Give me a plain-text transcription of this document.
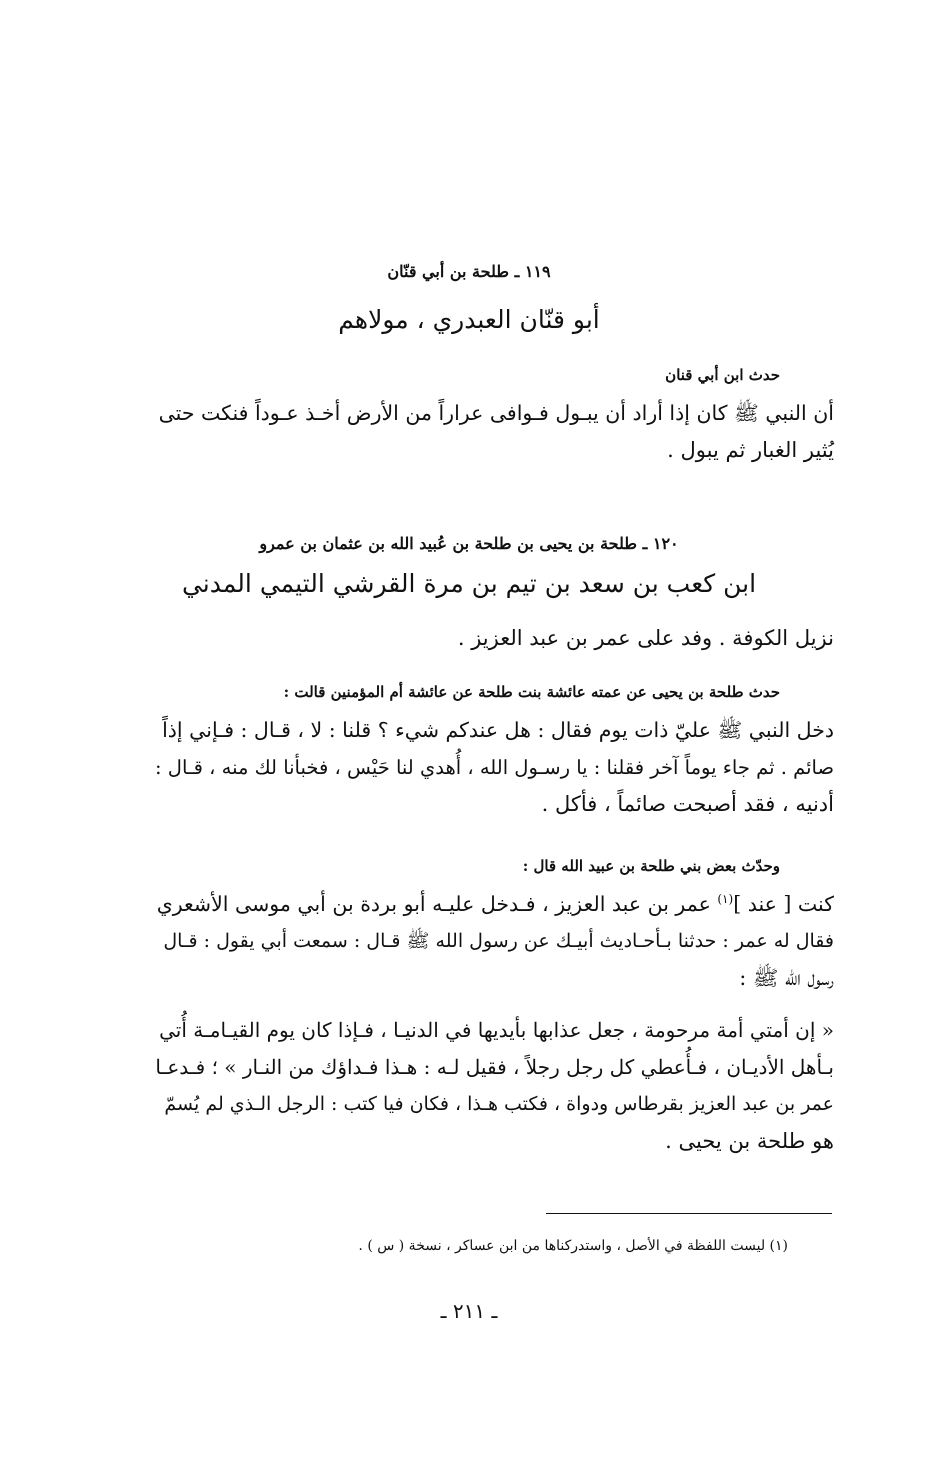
١١٩ ـ طلحة بن أبي قنّان
أبو قنّان العبدري ، مولاهم
حدث ابن أبي قنان
أن النبي ﷺ كان إذا أراد أن يبـول فـوافى عراراً من الأرض أخـذ عـوداً فنكت حتى
يُثير الغبار ثم يبول .
١٢٠ ـ طلحة بن يحيى بن طلحة بن عُبيد الله بن عثمان بن عمرو
ابن كعب بن سعد بن تيم بن مرة القرشي التيمي المدني
نزيل الكوفة . وفد على عمر بن عبد العزيز .
حدث طلحة بن يحيى عن عمته عائشة بنت طلحة عن عائشة أم المؤمنين قالت :
دخل النبي ﷺ عليّ ذات يوم فقال : هل عندكم شيء ؟ قلنا : لا ، قـال : فـإني إذاً
صائم . ثم جاء يوماً آخر فقلنا : يا رسـول الله ، أُهدي لنا حَيْس ، فخبأنا لك منه ، قـال :
أدنيه ، فقد أصبحت صائماً ، فأكل .
وحدّث بعض بني طلحة بن عبيد الله قال :
كنت [ عند ]$^{(١)}$ عمر بن عبد العزيز ، فـدخل عليـه أبو بردة بن أبي موسى الأشعري
فقال له عمر : حدثنا بـأحـاديث أبيـك عن رسول الله ﷺ قـال : سمعت أبي يقول : قـال
رسول الله ﷺ :
« إن أمتي أمة مرحومة ، جعل عذابها بأيديها في الدنيـا ، فـإذا كان يوم القيـامـة أُتي
بـأهل الأديـان ، فـأُعطي كل رجل رجلاً ، فقيل لـه : هـذا فـداؤك من النـار » ؛ فـدعـا
عمر بن عبد العزيز بقرطاس ودواة ، فكتب هـذا ، فكان فيا كتب : الرجل الـذي لم يُسمّ
هو طلحة بن يحيى .
(١) ليست اللفظة في الأصل ، واستدركناها من ابن عساكر ، نسخة ( س ) .
ـ ٢١١ ـ
